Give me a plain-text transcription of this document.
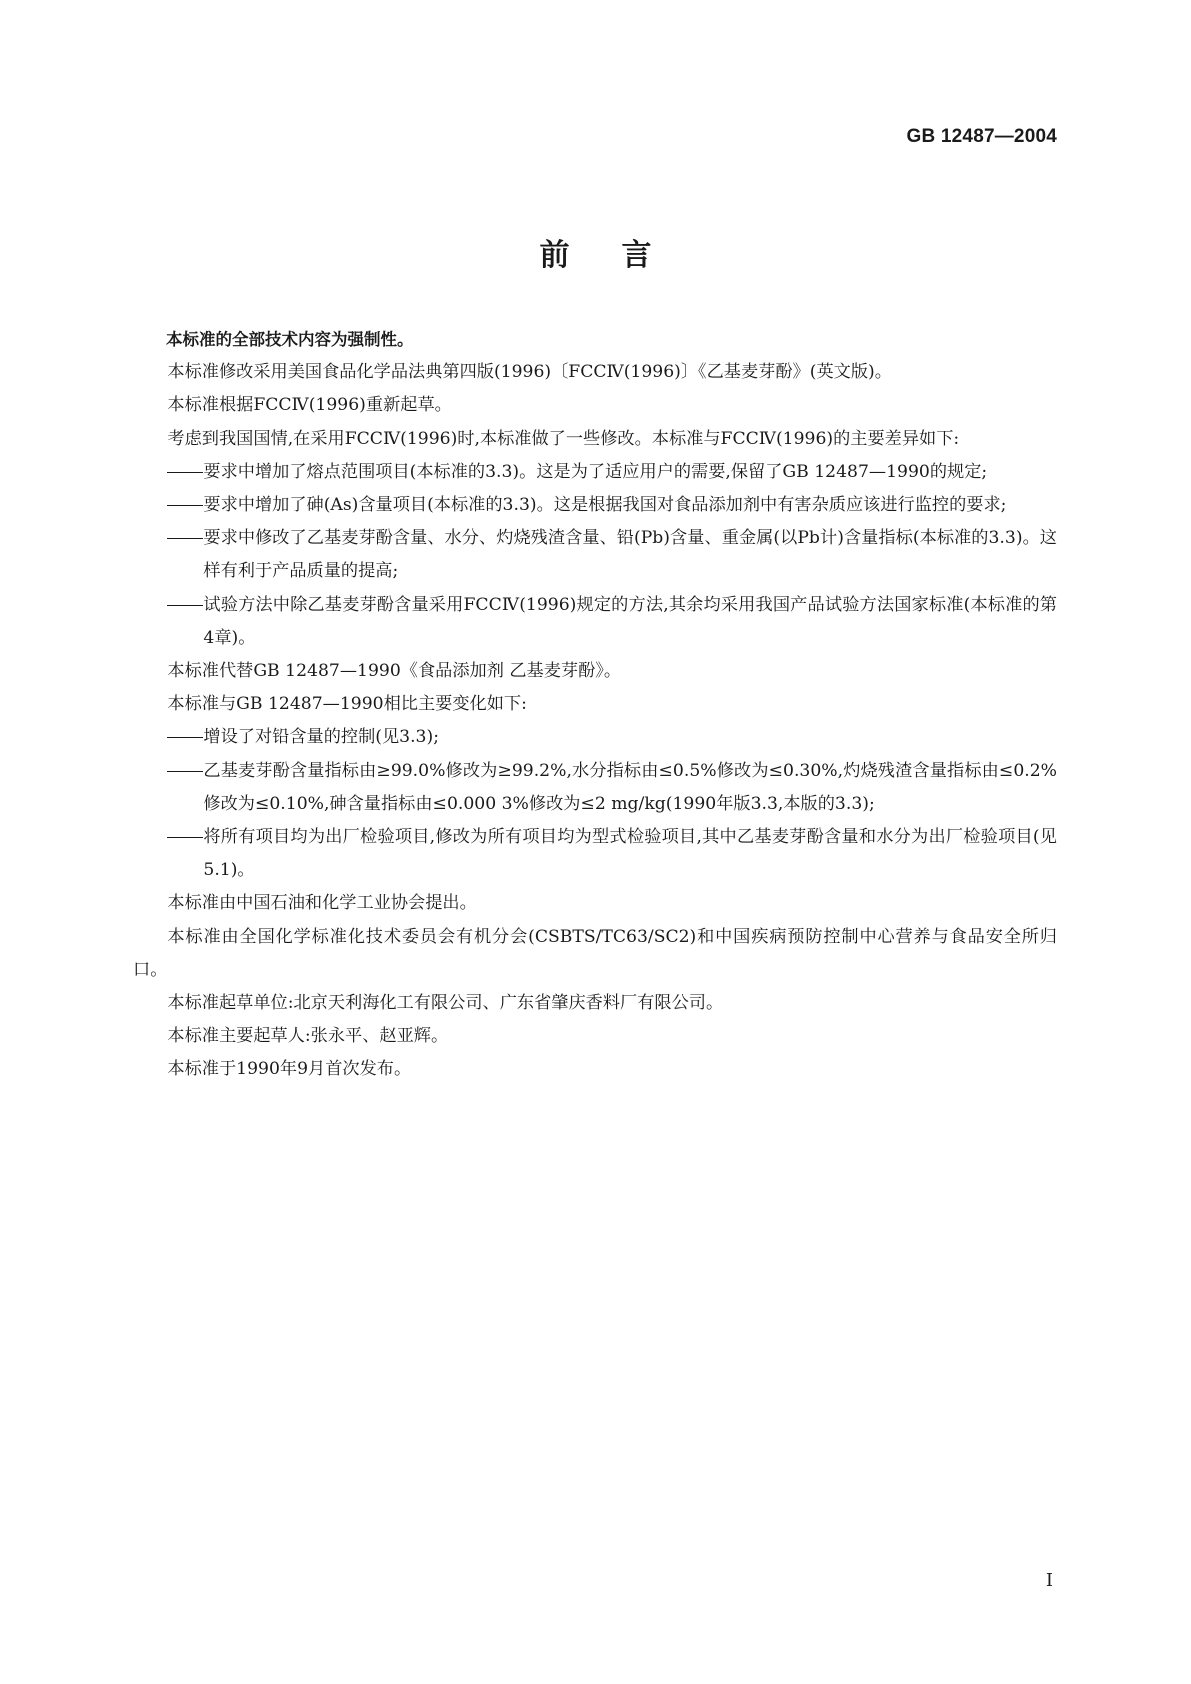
GB 12487—2004
前言

本标准的全部技术内容为强制性。

本标准修改采用美国食品化学品法典第四版(1996)〔FCCⅣ(1996)〕《乙基麦芽酚》(英文版)。

本标准根据FCCⅣ(1996)重新起草。

考虑到我国国情,在采用FCCⅣ(1996)时,本标准做了一些修改。本标准与FCCⅣ(1996)的主要差异如下:

要求中增加了熔点范围项目(本标准的3.3)。这是为了适应用户的需要,保留了GB 12487—1990的规定;

要求中增加了砷(As)含量项目(本标准的3.3)。这是根据我国对食品添加剂中有害杂质应该进行监控的要求;

要求中修改了乙基麦芽酚含量、水分、灼烧残渣含量、铅(Pb)含量、重金属(以Pb计)含量指标(本标准的3.3)。这样有利于产品质量的提高;

试验方法中除乙基麦芽酚含量采用FCCⅣ(1996)规定的方法,其余均采用我国产品试验方法国家标准(本标准的第4章)。

本标准代替GB 12487—1990《食品添加剂 乙基麦芽酚》。

本标准与GB 12487—1990相比主要变化如下:

增设了对铅含量的控制(见3.3);

乙基麦芽酚含量指标由≥99.0%修改为≥99.2%,水分指标由≤0.5%修改为≤0.30%,灼烧残渣含量指标由≤0.2%修改为≤0.10%,砷含量指标由≤0.000 3%修改为≤2 mg/kg(1990年版3.3,本版的3.3);

将所有项目均为出厂检验项目,修改为所有项目均为型式检验项目,其中乙基麦芽酚含量和水分为出厂检验项目(见5.1)。

本标准由中国石油和化学工业协会提出。

本标准由全国化学标准化技术委员会有机分会(CSBTS/TC63/SC2)和中国疾病预防控制中心营养与食品安全所归口。

本标准起草单位:北京天利海化工有限公司、广东省肇庆香料厂有限公司。

本标准主要起草人:张永平、赵亚辉。

本标准于1990年9月首次发布。

I
